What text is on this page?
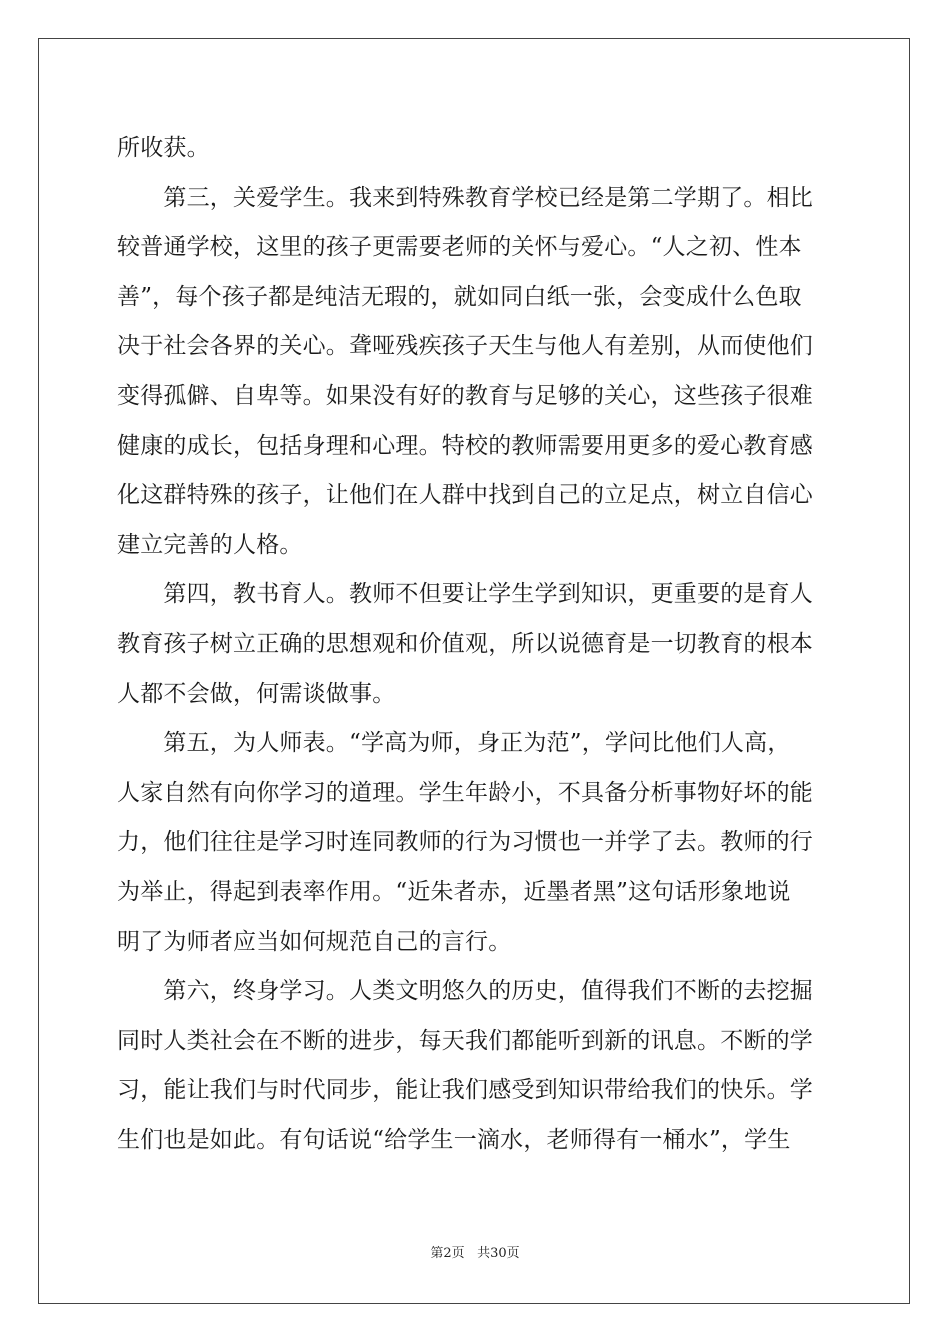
所收获。
　　第三，关爱学生。我来到特殊教育学校已经是第二学期了。相比
较普通学校，这里的孩子更需要老师的关怀与爱心。“人之初、性本
善”，每个孩子都是纯洁无瑕的，就如同白纸一张，会变成什么色取
决于社会各界的关心。聋哑残疾孩子天生与他人有差别，从而使他们
变得孤僻、自卑等。如果没有好的教育与足够的关心，这些孩子很难
健康的成长，包括身理和心理。特校的教师需要用更多的爱心教育感
化这群特殊的孩子，让他们在人群中找到自己的立足点，树立自信心
建立完善的人格。
　　第四，教书育人。教师不但要让学生学到知识，更重要的是育人
教育孩子树立正确的思想观和价值观，所以说德育是一切教育的根本
人都不会做，何需谈做事。
　　第五，为人师表。“学高为师，身正为范”，学问比他们人高，
人家自然有向你学习的道理。学生年龄小，不具备分析事物好坏的能
力，他们往往是学习时连同教师的行为习惯也一并学了去。教师的行
为举止，得起到表率作用。“近朱者赤，近墨者黑”这句话形象地说
明了为师者应当如何规范自己的言行。
　　第六，终身学习。人类文明悠久的历史，值得我们不断的去挖掘
同时人类社会在不断的进步，每天我们都能听到新的讯息。不断的学
习，能让我们与时代同步，能让我们感受到知识带给我们的快乐。学
生们也是如此。有句话说“给学生一滴水，老师得有一桶水”，学生
第2页 共30页
